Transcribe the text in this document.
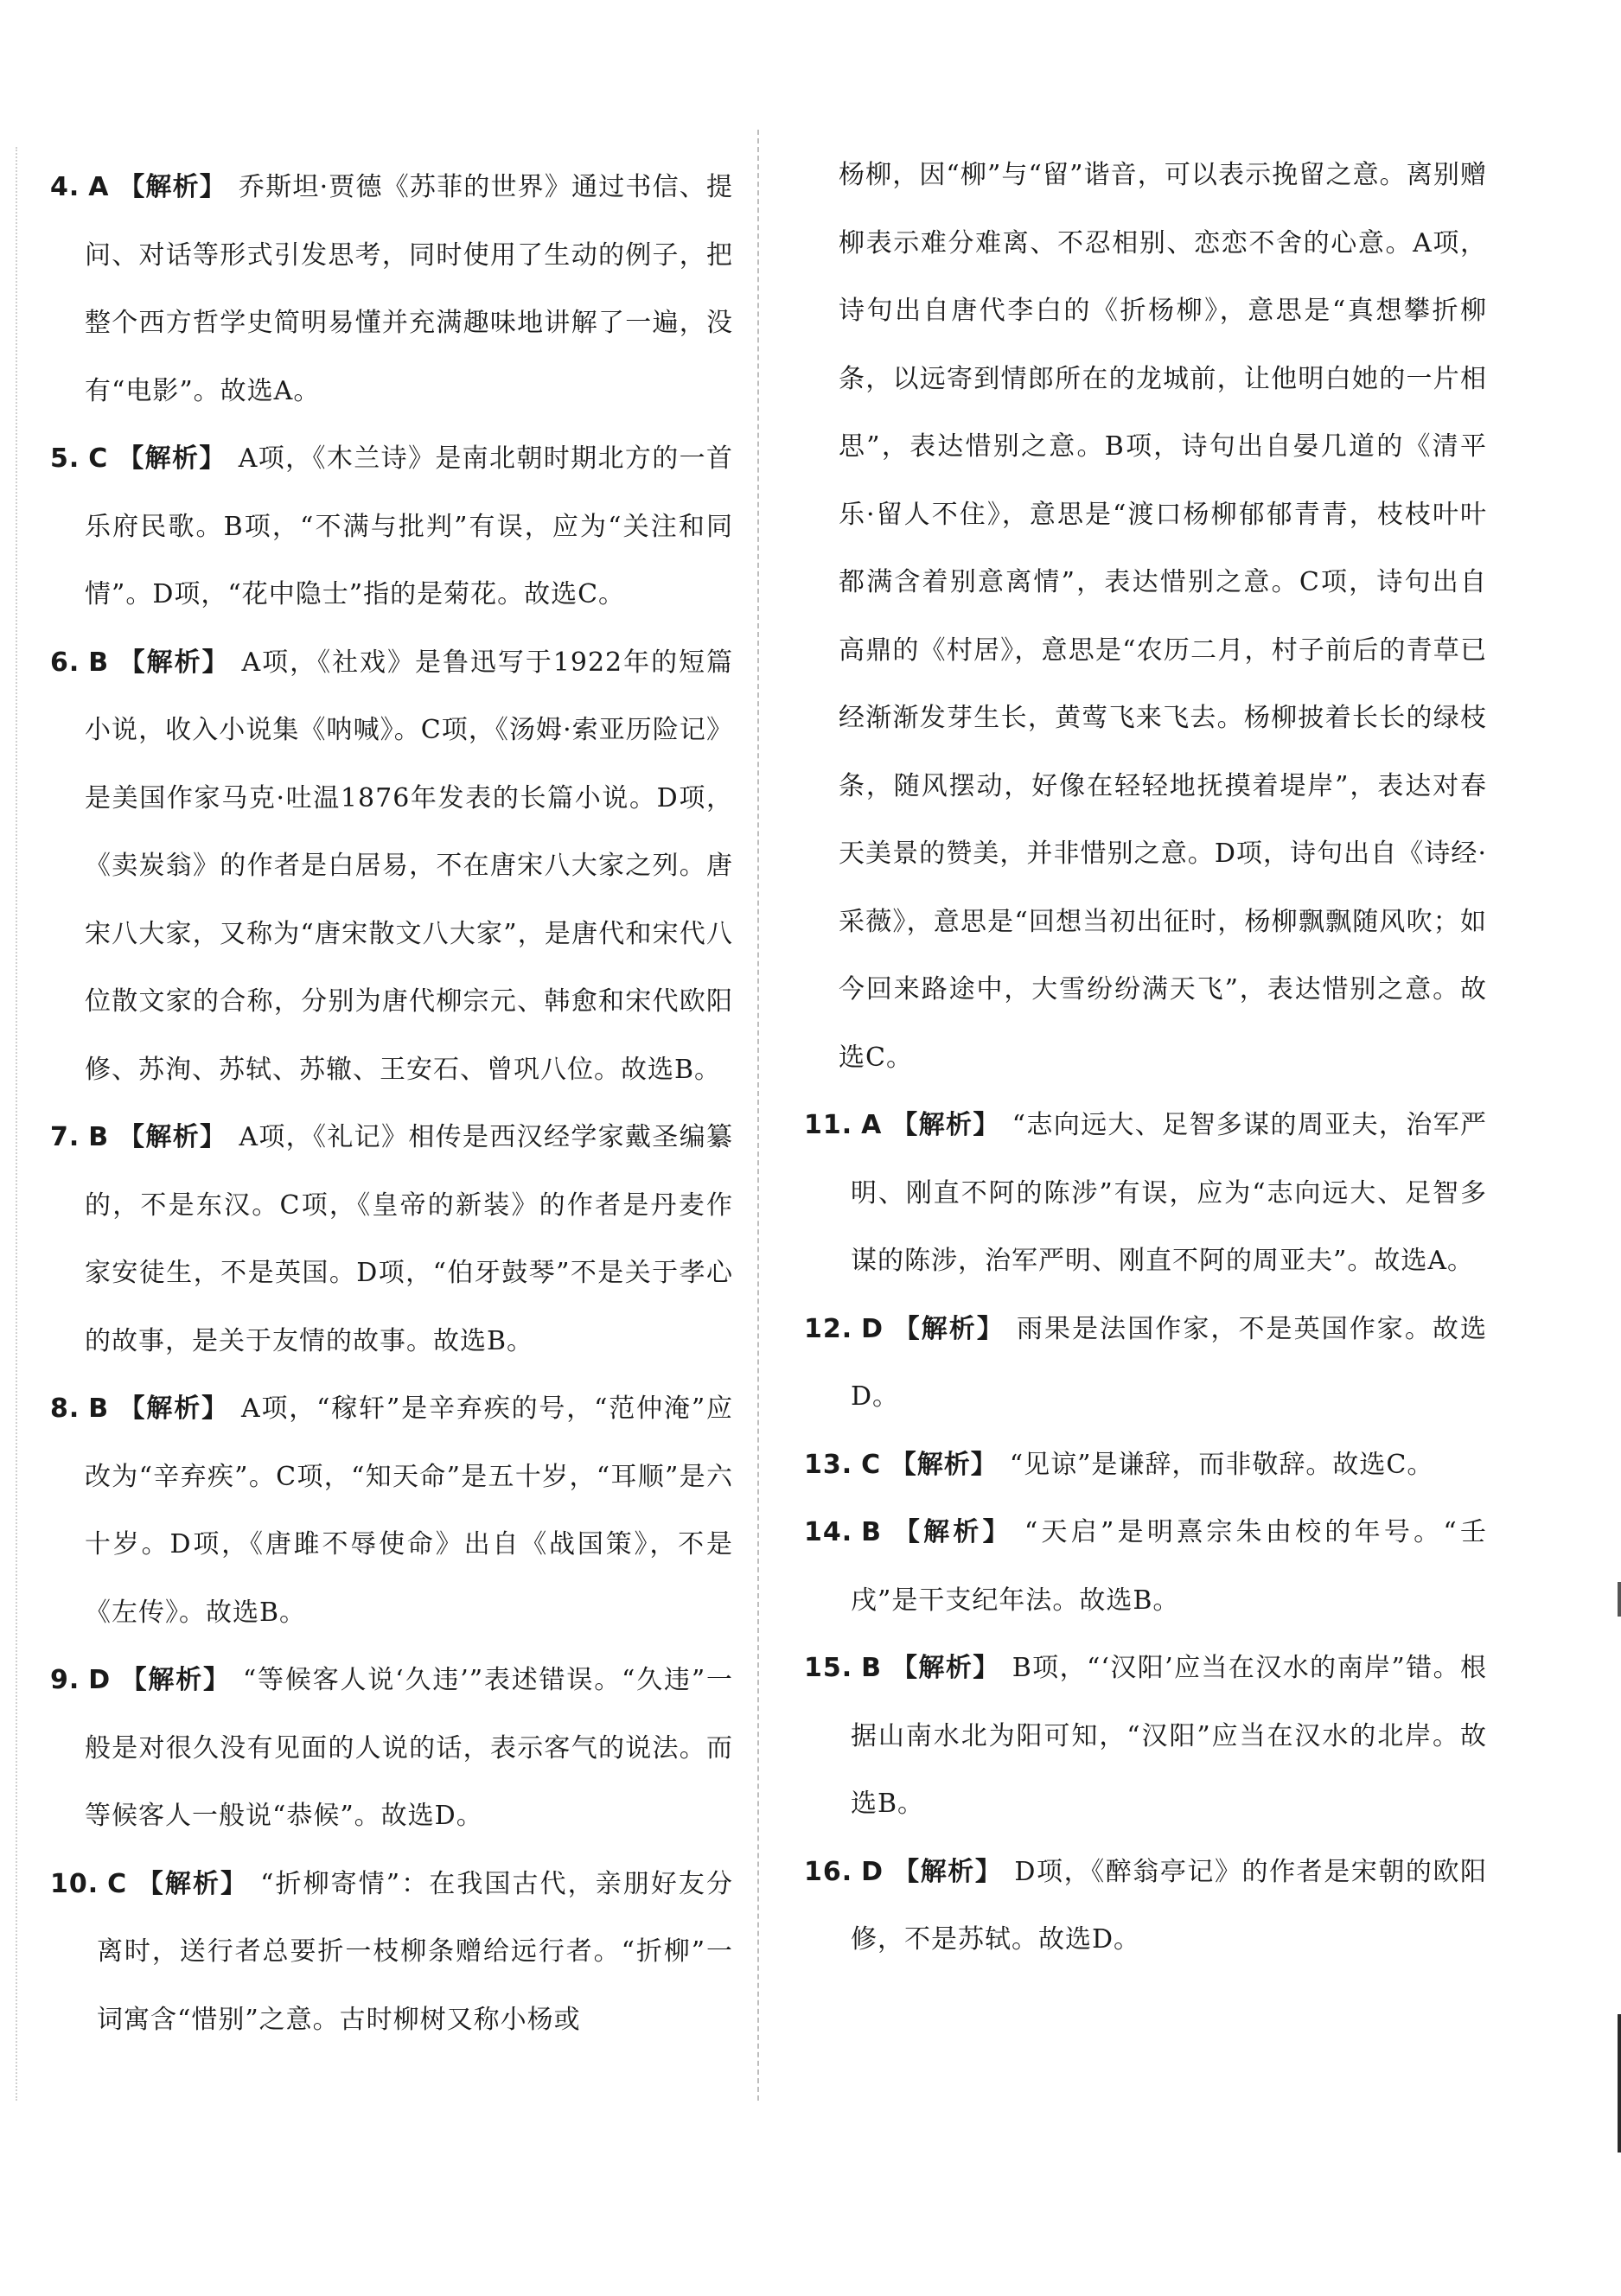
4. A 【解析】 乔斯坦·贾德《苏菲的世界》通过书信、提问、对话等形式引发思考，同时使用了生动的例子，把整个西方哲学史简明易懂并充满趣味地讲解了一遍，没有“电影”。故选A。
5. C 【解析】 A项，《木兰诗》是南北朝时期北方的一首乐府民歌。B项，“不满与批判”有误，应为“关注和同情”。D项，“花中隐士”指的是菊花。故选C。
6. B 【解析】 A项，《社戏》是鲁迅写于1922年的短篇小说，收入小说集《呐喊》。C项，《汤姆·索亚历险记》是美国作家马克·吐温1876年发表的长篇小说。D项，《卖炭翁》的作者是白居易，不在唐宋八大家之列。唐宋八大家，又称为“唐宋散文八大家”，是唐代和宋代八位散文家的合称，分别为唐代柳宗元、韩愈和宋代欧阳修、苏洵、苏轼、苏辙、王安石、曾巩八位。故选B。
7. B 【解析】 A项，《礼记》相传是西汉经学家戴圣编纂的，不是东汉。C项，《皇帝的新装》的作者是丹麦作家安徒生，不是英国。D项，“伯牙鼓琴”不是关于孝心的故事，是关于友情的故事。故选B。
8. B 【解析】 A项，“稼轩”是辛弃疾的号，“范仲淹”应改为“辛弃疾”。C项，“知天命”是五十岁，“耳顺”是六十岁。D项，《唐雎不辱使命》出自《战国策》，不是《左传》。故选B。
9. D 【解析】 “等候客人说‘久违’”表述错误。“久违”一般是对很久没有见面的人说的话，表示客气的说法。而等候客人一般说“恭候”。故选D。
10. C 【解析】 “折柳寄情”：在我国古代，亲朋好友分离时，送行者总要折一枝柳条赠给远行者。“折柳”一词寓含“惜别”之意。古时柳树又称小杨或
杨柳，因“柳”与“留”谐音，可以表示挽留之意。离别赠柳表示难分难离、不忍相别、恋恋不舍的心意。A项，诗句出自唐代李白的《折杨柳》，意思是“真想攀折柳条，以远寄到情郎所在的龙城前，让他明白她的一片相思”，表达惜别之意。B项，诗句出自晏几道的《清平乐·留人不住》，意思是“渡口杨柳郁郁青青，枝枝叶叶都满含着别意离情”，表达惜别之意。C项，诗句出自高鼎的《村居》，意思是“农历二月，村子前后的青草已经渐渐发芽生长，黄莺飞来飞去。杨柳披着长长的绿枝条，随风摆动，好像在轻轻地抚摸着堤岸”，表达对春天美景的赞美，并非惜别之意。D项，诗句出自《诗经·采薇》，意思是“回想当初出征时，杨柳飘飘随风吹；如今回来路途中，大雪纷纷满天飞”，表达惜别之意。故选C。
11. A 【解析】 “志向远大、足智多谋的周亚夫，治军严明、刚直不阿的陈涉”有误，应为“志向远大、足智多谋的陈涉，治军严明、刚直不阿的周亚夫”。故选A。
12. D 【解析】 雨果是法国作家，不是英国作家。故选D。
13. C 【解析】 “见谅”是谦辞，而非敬辞。故选C。
14. B 【解析】 “天启”是明熹宗朱由校的年号。“壬戌”是干支纪年法。故选B。
15. B 【解析】 B项，“‘汉阳’应当在汉水的南岸”错。根据山南水北为阳可知，“汉阳”应当在汉水的北岸。故选B。
16. D 【解析】 D项，《醉翁亭记》的作者是宋朝的欧阳修，不是苏轼。故选D。
